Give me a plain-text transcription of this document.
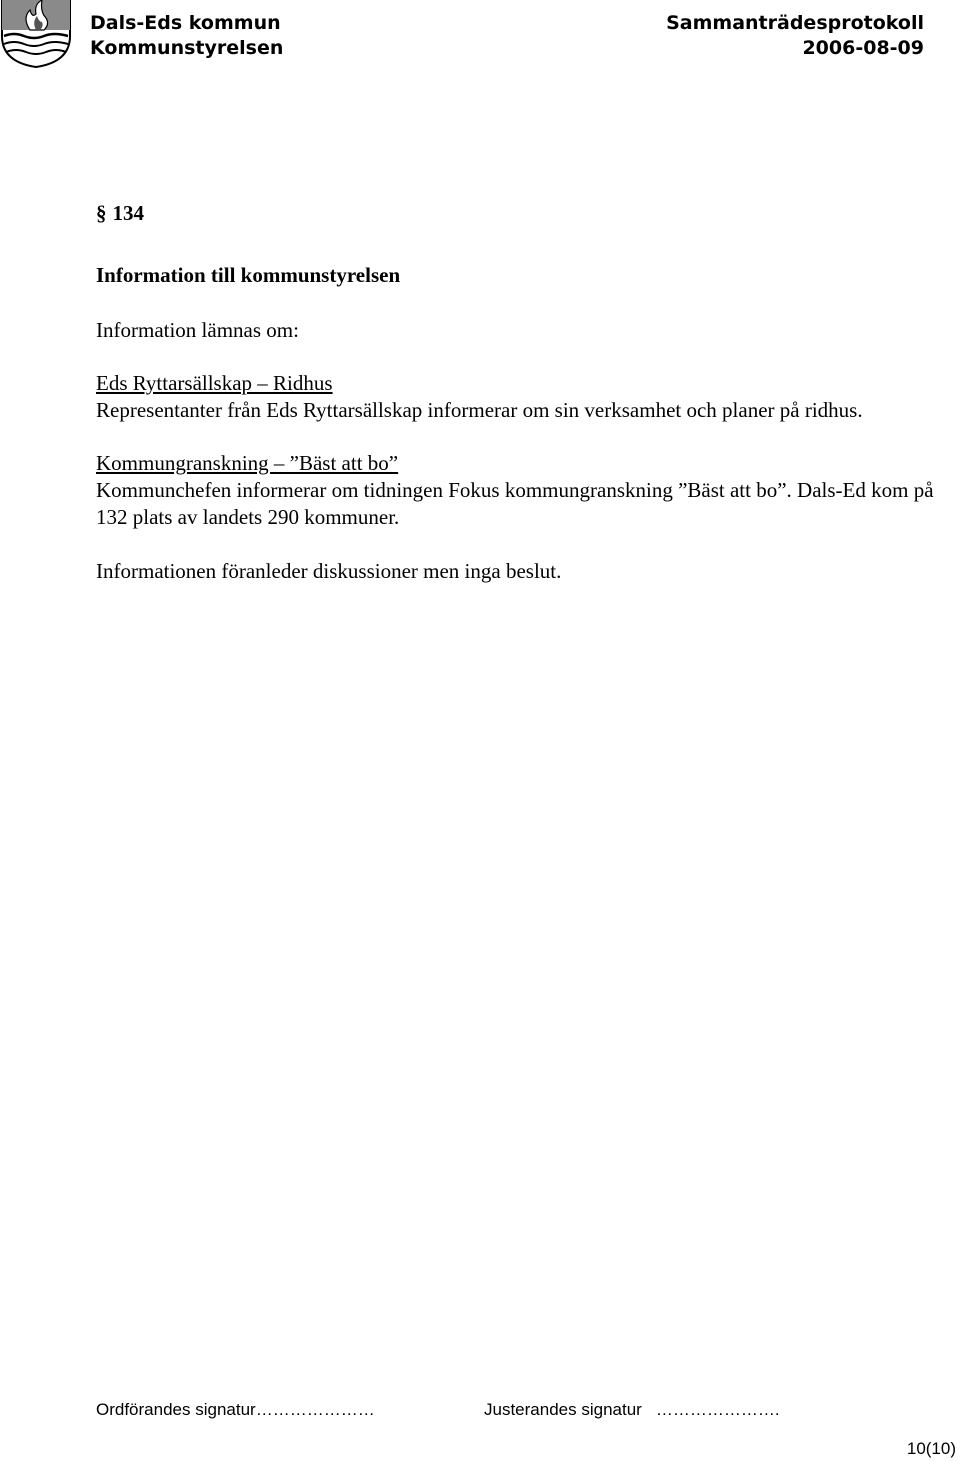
Dals-Eds kommun
Kommunstyrelsen
Sammanträdesprotokoll
2006-08-09

§ 134

Information till kommunstyrelsen

Information lämnas om:

Eds Ryttarsällskap – Ridhus
Representanter från Eds Ryttarsällskap informerar om sin verksamhet och planer på ridhus.
Kommungranskning – ”Bäst att bo”
Kommunchefen informerar om tidningen Fokus kommungranskning ”Bäst att bo”. Dals-Ed kom på 132 plats av landets 290 kommuner.

Informationen föranleder diskussioner men inga beslut.

Ordförandes signatur…………………	Justerandes signatur ………………….
10(10)
